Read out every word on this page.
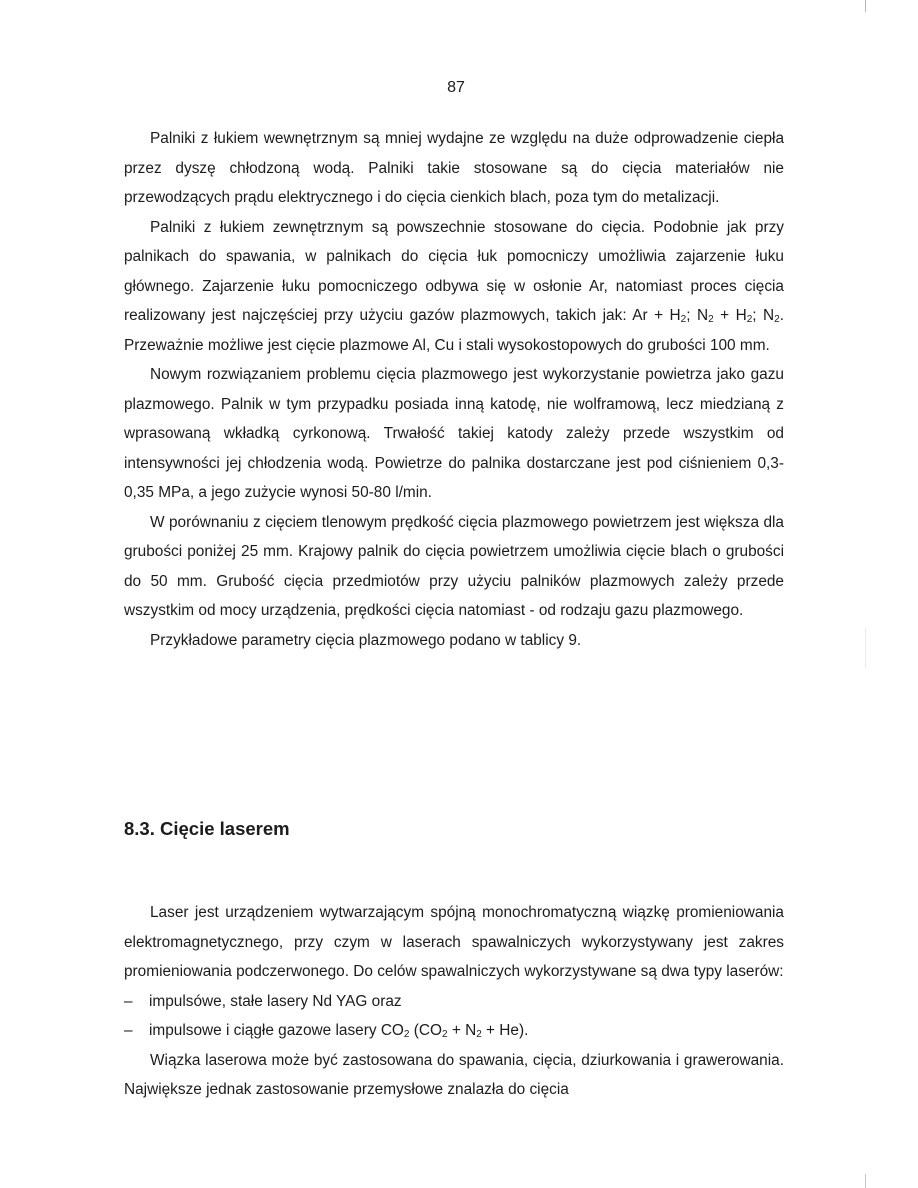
87

Palniki z łukiem wewnętrznym są mniej wydajne ze względu na duże odprowadzenie ciepła przez dyszę chłodzoną wodą. Palniki takie stosowane są do cięcia materiałów nie przewodzących prądu elektrycznego i do cięcia cienkich blach, poza tym do metalizacji.

Palniki z łukiem zewnętrznym są powszechnie stosowane do cięcia. Podobnie jak przy palnikach do spawania, w palnikach do cięcia łuk pomocniczy umożliwia zajarzenie łuku głównego. Zajarzenie łuku pomocniczego odbywa się w osłonie Ar, natomiast proces cięcia realizowany jest najczęściej przy użyciu gazów plazmowych, takich jak: $Ar + H_2$; $N_2 + H_2$; $N_2$. Przeważnie możliwe jest cięcie plazmowe Al, Cu i stali wysokostopowych do grubości 100 mm.

Nowym rozwiązaniem problemu cięcia plazmowego jest wykorzystanie powietrza jako gazu plazmowego. Palnik w tym przypadku posiada inną katodę, nie wolframową, lecz miedzianą z wprasowaną wkładką cyrkonową. Trwałość takiej katody zależy przede wszystkim od intensywności jej chłodzenia wodą. Powietrze do palnika dostarczane jest pod ciśnieniem 0,3-0,35 MPa, a jego zużycie wynosi 50-80 l/min.

W porównaniu z cięciem tlenowym prędkość cięcia plazmowego powietrzem jest większa dla grubości poniżej 25 mm. Krajowy palnik do cięcia powietrzem umożliwia cięcie blach o grubości do 50 mm. Grubość cięcia przedmiotów przy użyciu palników plazmowych zależy przede wszystkim od mocy urządzenia, prędkości cięcia natomiast - od rodzaju gazu plazmowego.

Przykładowe parametry cięcia plazmowego podano w tablicy 9.

8.3. Cięcie laserem

Laser jest urządzeniem wytwarzającym spójną monochromatyczną wiązkę promieniowania elektromagnetycznego, przy czym w laserach spawalniczych wykorzystywany jest zakres promieniowania podczerwonego. Do celów spawalniczych wykorzystywane są dwa typy laserów:

– impulsówe, stałe lasery Nd YAG oraz

– impulsowe i ciągłe gazowe lasery $CO_2$ $(CO_2 + N_2 + He)$.

Wiązka laserowa może być zastosowana do spawania, cięcia, dziurkowania i grawerowania. Największe jednak zastosowanie przemysłowe znalazła do cięcia
